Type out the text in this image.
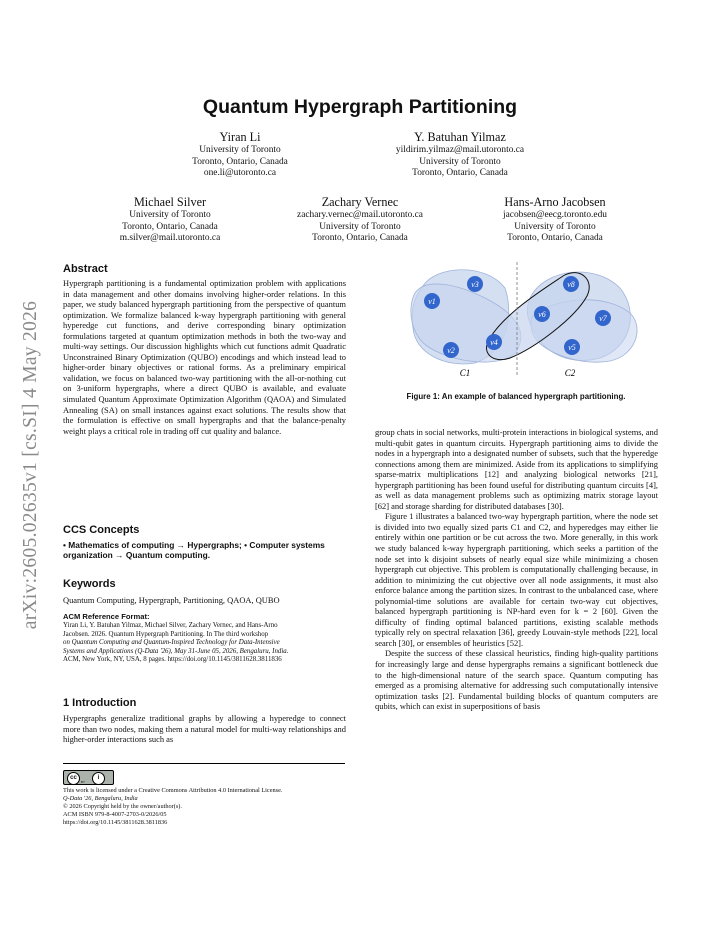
arXiv:2605.02635v1 [cs.SI] 4 May 2026
Quantum Hypergraph Partitioning
Yiran Li
University of Toronto
Toronto, Ontario, Canada
one.li@utoronto.ca
Y. Batuhan Yilmaz
yildirim.yilmaz@mail.utoronto.ca
University of Toronto
Toronto, Ontario, Canada
Michael Silver
University of Toronto
Toronto, Ontario, Canada
m.silver@mail.utoronto.ca
Zachary Vernec
zachary.vernec@mail.utoronto.ca
University of Toronto
Toronto, Ontario, Canada
Hans-Arno Jacobsen
jacobsen@eecg.toronto.edu
University of Toronto
Toronto, Ontario, Canada
Abstract

Hypergraph partitioning is a fundamental optimization problem with applications in data management and other domains involving higher-order relations. In this paper, we study balanced hypergraph partitioning from the perspective of quantum optimization. We formalize balanced k-way hypergraph partitioning with general hyperedge cut functions, and derive corresponding binary optimization formulations targeted at quantum optimization methods in both the two-way and multi-way settings. Our discussion highlights which cut functions admit Quadratic Unconstrained Binary Optimization (QUBO) encodings and which instead lead to higher-order binary objectives or rational forms. As a preliminary empirical validation, we focus on balanced two-way partitioning with the all-or-nothing cut on 3-uniform hypergraphs, where a direct QUBO is available, and evaluate simulated Quantum Approximate Optimization Algorithm (QAOA) and Simulated Annealing (SA) on small instances against exact solutions. The results show that the formulation is effective on small hypergraphs and that the balance-penalty weight plays a critical role in trading off cut quality and balance.

CCS Concepts
• Mathematics of computing → Hypergraphs; • Computer systems organization → Quantum computing.
Keywords
Quantum Computing, Hypergraph, Partitioning, QAOA, QUBO
ACM Reference Format:
Yiran Li, Y. Batuhan Yilmaz, Michael Silver, Zachary Vernec, and Hans-Arno
Jacobsen. 2026. Quantum Hypergraph Partitioning. In The third workshop
on Quantum Computing and Quantum-Inspired Technology for Data-Intensive
Systems and Applications (Q-Data '26), May 31-June 05, 2026, Bengaluru, India.
ACM, New York, NY, USA, 8 pages. https://doi.org/10.1145/3811628.3811836
1 Introduction

Hypergraphs generalize traditional graphs by allowing a hyperedge to connect more than two nodes, making them a natural model for multi-way relationships and higher-order interactions such as

cc
BY
i
This work is licensed under a Creative Commons Attribution 4.0 International License.
Q-Data '26, Bengaluru, India
© 2026 Copyright held by the owner/author(s).
ACM ISBN 979-8-4007-2703-0/2026/05
https://doi.org/10.1145/3811628.3811836
v1
v3
v2
v4
v8
v6	v7
v5
C1	C2
Figure 1: An example of balanced hypergraph partitioning.

group chats in social networks, multi-protein interactions in biological systems, and multi-qubit gates in quantum circuits. Hypergraph partitioning aims to divide the nodes in a hypergraph into a designated number of subsets, such that the hyperedge connections among them are minimized. Aside from its applications to simplifying sparse-matrix multiplications [12] and analyzing biological networks [21], hypergraph partitioning has been found useful for distributing quantum circuits [4], as well as data management problems such as optimizing matrix storage layout [62] and storage sharding for distributed databases [30].

Figure 1 illustrates a balanced two-way hypergraph partition, where the node set is divided into two equally sized parts C1 and C2, and hyperedges may either lie entirely within one partition or be cut across the two. More generally, in this work we study balanced k-way hypergraph partitioning, which seeks a partition of the node set into k disjoint subsets of nearly equal size while minimizing a chosen hypergraph cut objective. This problem is computationally challenging because, in addition to minimizing the cut objective over all node assignments, it must also enforce balance among the partition sizes. In contrast to the unbalanced case, where polynomial-time solutions are available for certain two-way cut objectives, balanced hypergraph partitioning is NP-hard even for k = 2 [60]. Given the difficulty of finding optimal balanced partitions, existing scalable methods typically rely on spectral relaxation [36], greedy Louvain-style methods [22], local search [30], or ensembles of heuristics [52].

Despite the success of these classical heuristics, finding high-quality partitions for increasingly large and dense hypergraphs remains a significant bottleneck due to the high-dimensional nature of the search space. Quantum computing has emerged as a promising alternative for addressing such computationally intensive optimization tasks [2]. Fundamental building blocks of quantum computers are qubits, which can exist in superpositions of basis
